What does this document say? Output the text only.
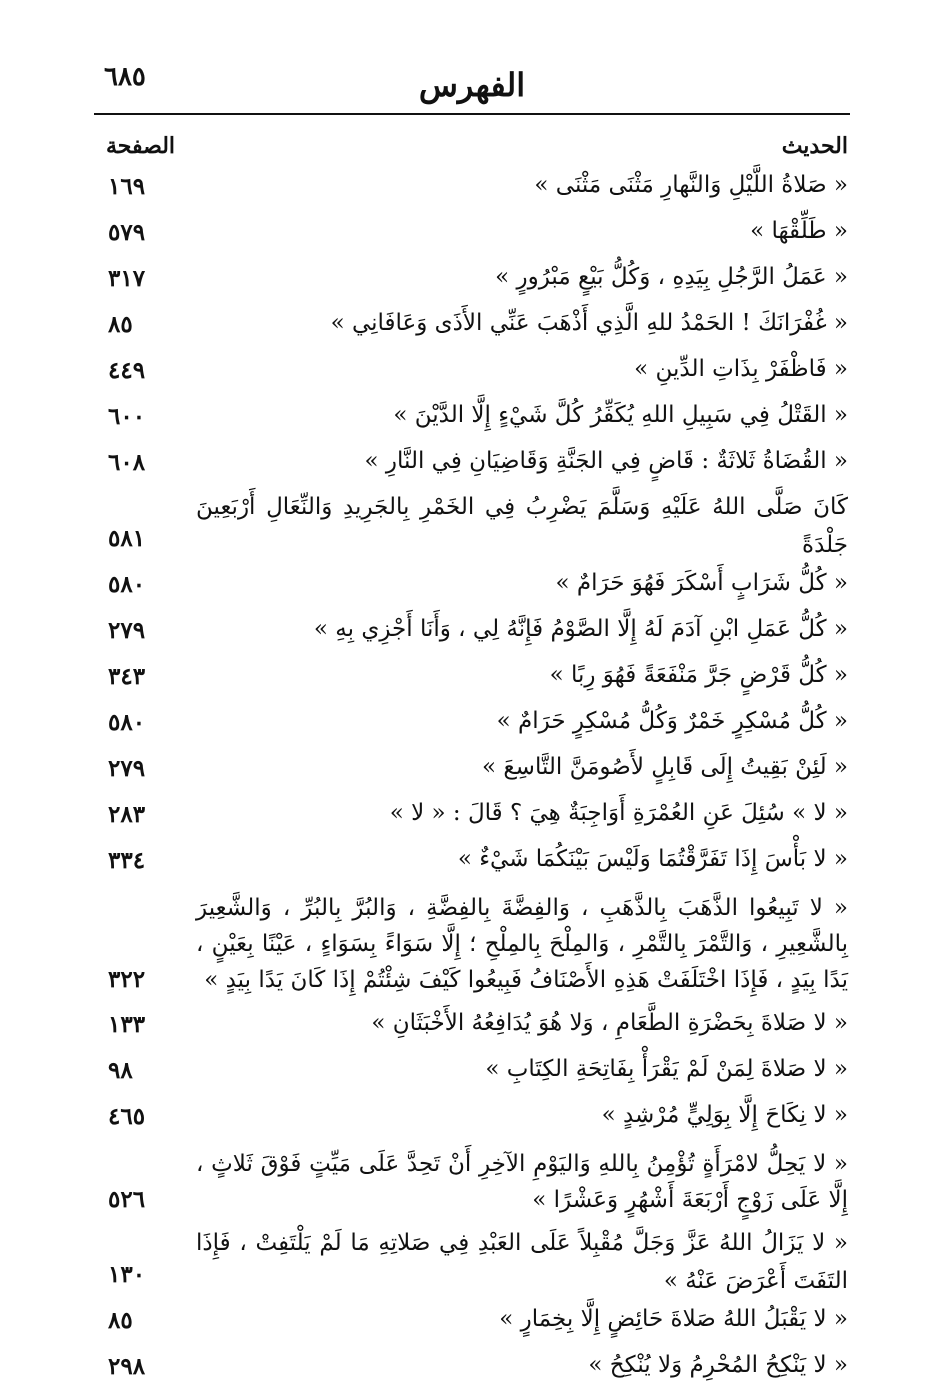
٦٨٥	الفهرس
الحديث
الصفحة
« صَلاةُ اللَّيْلِ وَالنَّهارِ مَثْنَى مَثْنَى »
١٦٩
« طَلِّقْهَا »
٥٧٩
« عَمَلُ الرَّجُلِ بِيَدِهِ ، وَكُلُّ بَيْعٍ مَبْرُورٍ »
٣١٧
« غُفْرَانَكَ ! الحَمْدُ للهِ الَّذِي أَذْهَبَ عَنِّي الأَذَى وَعَافَانِي »
٨٥
« فَاظْفَرْ بِذَاتِ الدِّينِ »
٤٤٩
« القَتْلُ فِي سَبِيلِ اللهِ يُكَفِّرُ كُلَّ شَيْءٍ إِلَّا الدَّيْنَ »
٦٠٠
« القُضَاةُ ثَلاثَةٌ : قَاضٍ فِي الجَنَّةِ وَقَاضِيَانِ فِي النَّارِ »
٦٠٨
كَانَ صَلَّى اللهُ عَلَيْهِ وَسَلَّمَ يَضْرِبُ فِي الخَمْرِ بِالجَرِيدِ وَالنِّعَالِ أَرْبَعِينَ جَلْدَةً
٥٨١
« كُلُّ شَرَابٍ أَسْكَرَ فَهُوَ حَرَامٌ »
٥٨٠
« كُلُّ عَمَلِ ابْنِ آدَمَ لَهُ إِلَّا الصَّوْمُ فَإِنَّهُ لِي ، وَأَنَا أَجْزِي بِهِ »
٢٧٩
« كُلُّ قَرْضٍ جَرَّ مَنْفَعَةً فَهُوَ رِبًا »
٣٤٣
« كُلُّ مُسْكِرٍ خَمْرٌ وَكُلُّ مُسْكِرٍ حَرَامٌ »
٥٨٠
« لَئِنْ بَقِيتُ إِلَى قَابِلٍ لأَصُومَنَّ التَّاسِعَ »
٢٧٩
« لا » سُئِلَ عَنِ العُمْرَةِ أَوَاجِبَةٌ هِيَ ؟ قَالَ : « لا »
٢٨٣
« لا بَأْسَ إِذَا تَفَرَّقْتُمَا وَلَيْسَ بَيْنَكُمَا شَيْءٌ »
٣٣٤
« لا تَبِيعُوا الذَّهَبَ بِالذَّهَبِ ، وَالفِضَّةَ بِالفِضَّةِ ، وَالبُرَّ بِالبُرِّ ، وَالشَّعِيرَ بِالشَّعِيرِ ، وَالتَّمْرَ بِالتَّمْرِ ، وَالمِلْحَ بِالمِلْحِ ؛ إِلَّا سَوَاءً بِسَوَاءٍ ، عَيْنًا بِعَيْنٍ ، يَدًا بِيَدٍ ، فَإِذَا اخْتَلَفَتْ هَذِهِ الأَصْنَافُ فَبِيعُوا كَيْفَ شِئْتُمْ إِذَا كَانَ يَدًا بِيَدٍ »
٣٢٢
« لا صَلاةَ بِحَضْرَةِ الطَّعَامِ ، وَلا هُوَ يُدَافِعُهُ الأَخْبَثَانِ »
١٣٣
« لا صَلاةَ لِمَنْ لَمْ يَقْرَأْ بِفَاتِحَةِ الكِتَابِ »
٩٨
« لا نِكَاحَ إِلَّا بِوَلِيٍّ مُرْشِدٍ »
٤٦٥
« لا يَحِلُّ لامْرَأَةٍ تُؤْمِنُ بِاللهِ وَاليَوْمِ الآخِرِ أَنْ تَحِدَّ عَلَى مَيِّتٍ فَوْقَ ثَلاثٍ ، إِلَّا عَلَى زَوْجٍ أَرْبَعَةَ أَشْهُرٍ وَعَشْرًا »
٥٢٦
« لا يَزَالُ اللهُ عَزَّ وَجَلَّ مُقْبِلاً عَلَى العَبْدِ فِي صَلاتِهِ مَا لَمْ يَلْتَفِتْ ، فَإِذَا التَفَتَ أَعْرَضَ عَنْهُ »
١٣٠
« لا يَقْبَلُ اللهُ صَلاةَ حَائِضٍ إِلَّا بِخِمَارٍ »
٨٥
« لا يَنْكِحُ المُحْرِمُ وَلا يُنْكِحُ »
٢٩٨
